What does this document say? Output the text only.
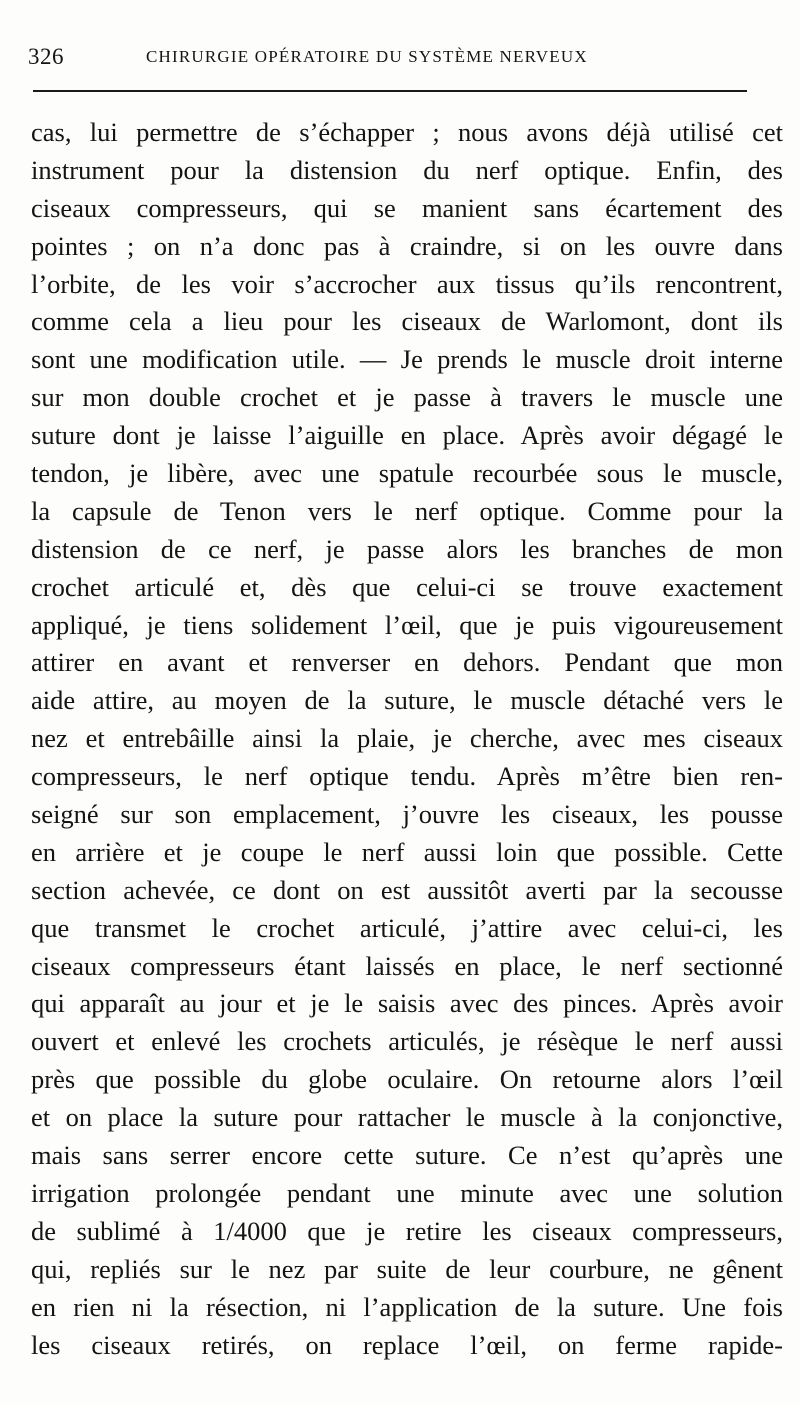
326	CHIRURGIE OPÉRATOIRE DU SYSTÈME NERVEUX
cas, lui permettre de s’échapper ; nous avons déjà utilisé cet
instrument pour la distension du nerf optique. Enfin, des
ciseaux compresseurs, qui se manient sans écartement des
pointes ; on n’a donc pas à craindre, si on les ouvre dans
l’orbite, de les voir s’accrocher aux tissus qu’ils rencontrent,
comme cela a lieu pour les ciseaux de Warlomont, dont ils
sont une modification utile. — Je prends le muscle droit interne
sur mon double crochet et je passe à travers le muscle une
suture dont je laisse l’aiguille en place. Après avoir dégagé le
tendon, je libère, avec une spatule recourbée sous le muscle,
la capsule de Tenon vers le nerf optique. Comme pour la
distension de ce nerf, je passe alors les branches de mon
crochet articulé et, dès que celui-ci se trouve exactement
appliqué, je tiens solidement l’œil, que je puis vigoureusement
attirer en avant et renverser en dehors. Pendant que mon
aide attire, au moyen de la suture, le muscle détaché vers le
nez et entrebâille ainsi la plaie, je cherche, avec mes ciseaux
compresseurs, le nerf optique tendu. Après m’être bien ren-
seigné sur son emplacement, j’ouvre les ciseaux, les pousse
en arrière et je coupe le nerf aussi loin que possible. Cette
section achevée, ce dont on est aussitôt averti par la secousse
que transmet le crochet articulé, j’attire avec celui-ci, les
ciseaux compresseurs étant laissés en place, le nerf sectionné
qui apparaît au jour et je le saisis avec des pinces. Après avoir
ouvert et enlevé les crochets articulés, je résèque le nerf aussi
près que possible du globe oculaire. On retourne alors l’œil
et on place la suture pour rattacher le muscle à la conjonctive,
mais sans serrer encore cette suture. Ce n’est qu’après une
irrigation prolongée pendant une minute avec une solution
de sublimé à 1/4000 que je retire les ciseaux compresseurs,
qui, repliés sur le nez par suite de leur courbure, ne gênent
en rien ni la résection, ni l’application de la suture. Une fois
les ciseaux retirés, on replace l’œil, on ferme rapide-
